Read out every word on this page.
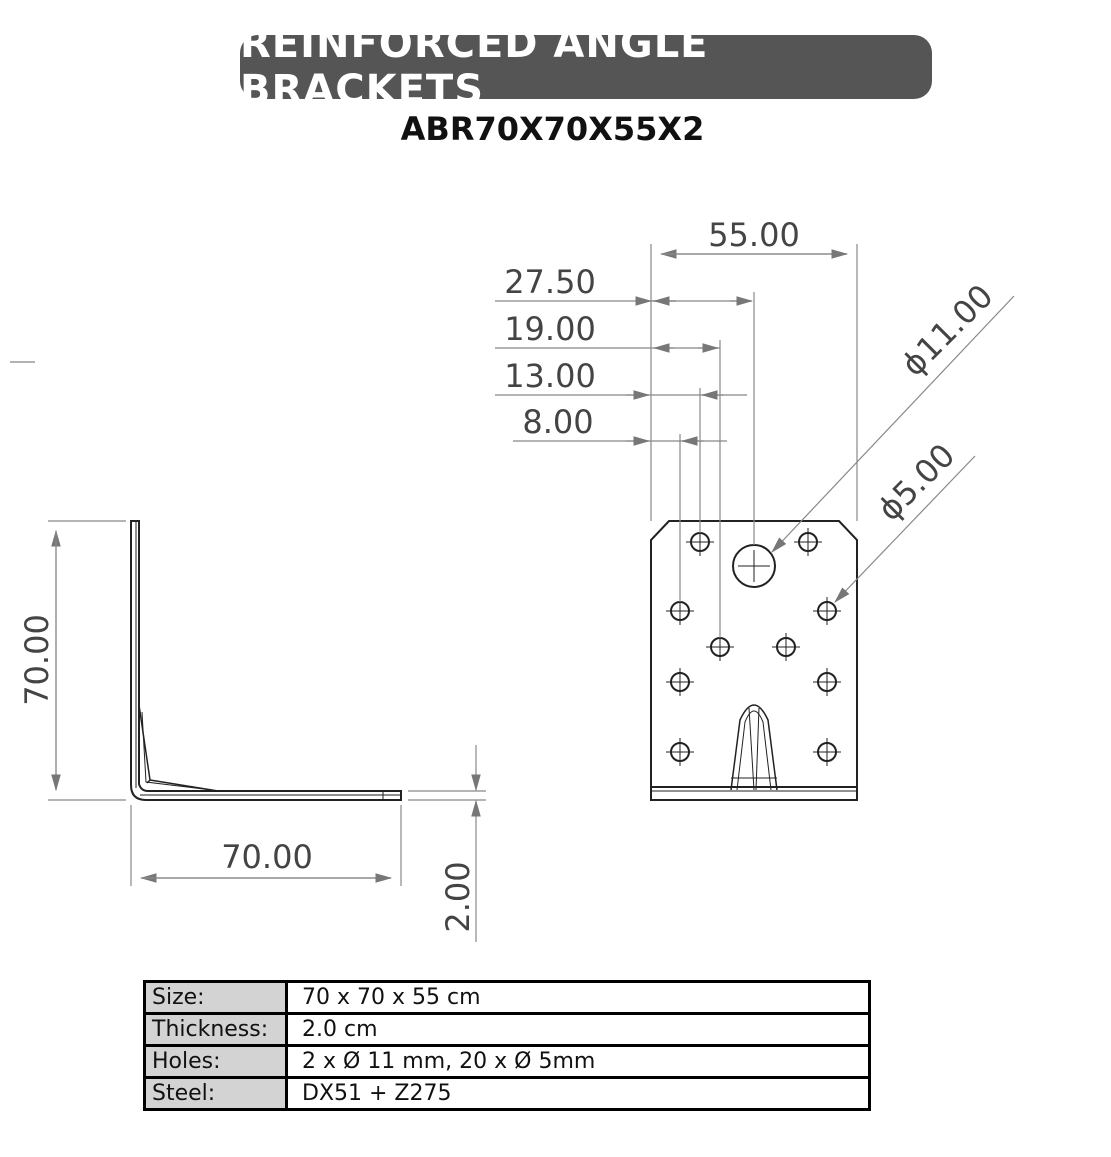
REINFORCED ANGLE BRACKETS
ABR70X70X55X2
70.00
70.00
2.00
55.00
27.50
19.00
13.00
8.00
ϕ11.00
ϕ5.00
Size:	70 x 70 x 55 cm
Thickness:	2.0 cm
Holes:	2 x Ø 11 mm, 20 x Ø 5mm
Steel:	DX51 + Z275
